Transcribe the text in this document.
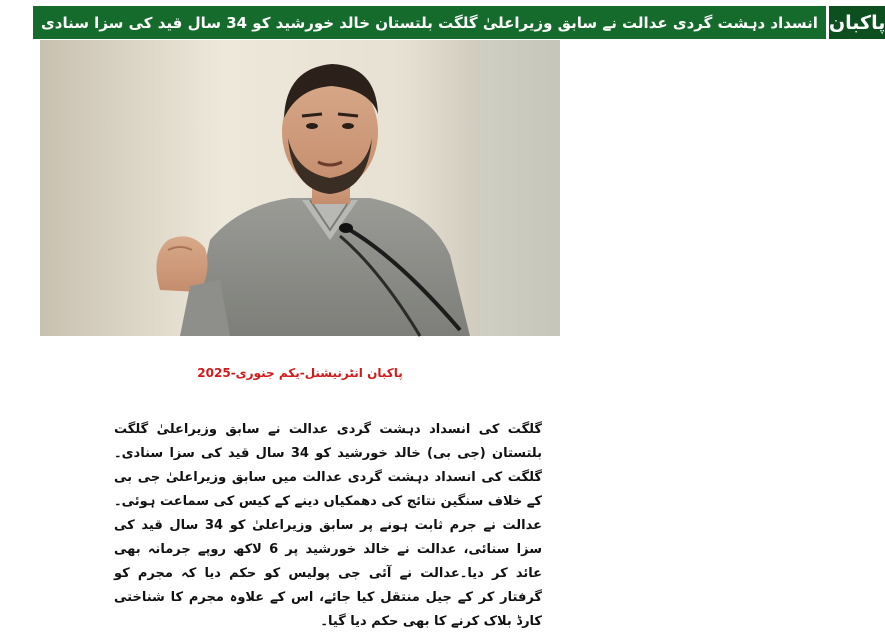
انسداد دہشت گردی عدالت نے سابق وزیراعلیٰ گلگت بلتستان خالد خورشید کو 34 سال قید کی سزا سنادی پاکبان
پاکبان انٹرنیشنل-یکم جنوری-2025
گلگت کی انسداد دہشت گردی عدالت نے سابق وزیراعلیٰ گلگت بلتستان (جی بی) خالد خورشید کو 34 سال قید کی سزا سنادی۔گلگت کی انسداد دہشت گردی عدالت میں سابق وزیراعلیٰ جی بی کے خلاف سنگین نتائج کی دھمکیاں دینے کے کیس کی سماعت ہوئی۔عدالت نے جرم ثابت ہونے پر سابق وزیراعلیٰ کو 34 سال قید کی سزا سنائی، عدالت نے خالد خورشید پر 6 لاکھ روپے جرمانہ بھی عائد کر دیا۔عدالت نے آئی جی پولیس کو حکم دیا کہ مجرم کو گرفتار کر کے جیل منتقل کیا جائے، اس کے علاوہ مجرم کا شناختی کارڈ بلاک کرنے کا بھی حکم دیا گیا۔
